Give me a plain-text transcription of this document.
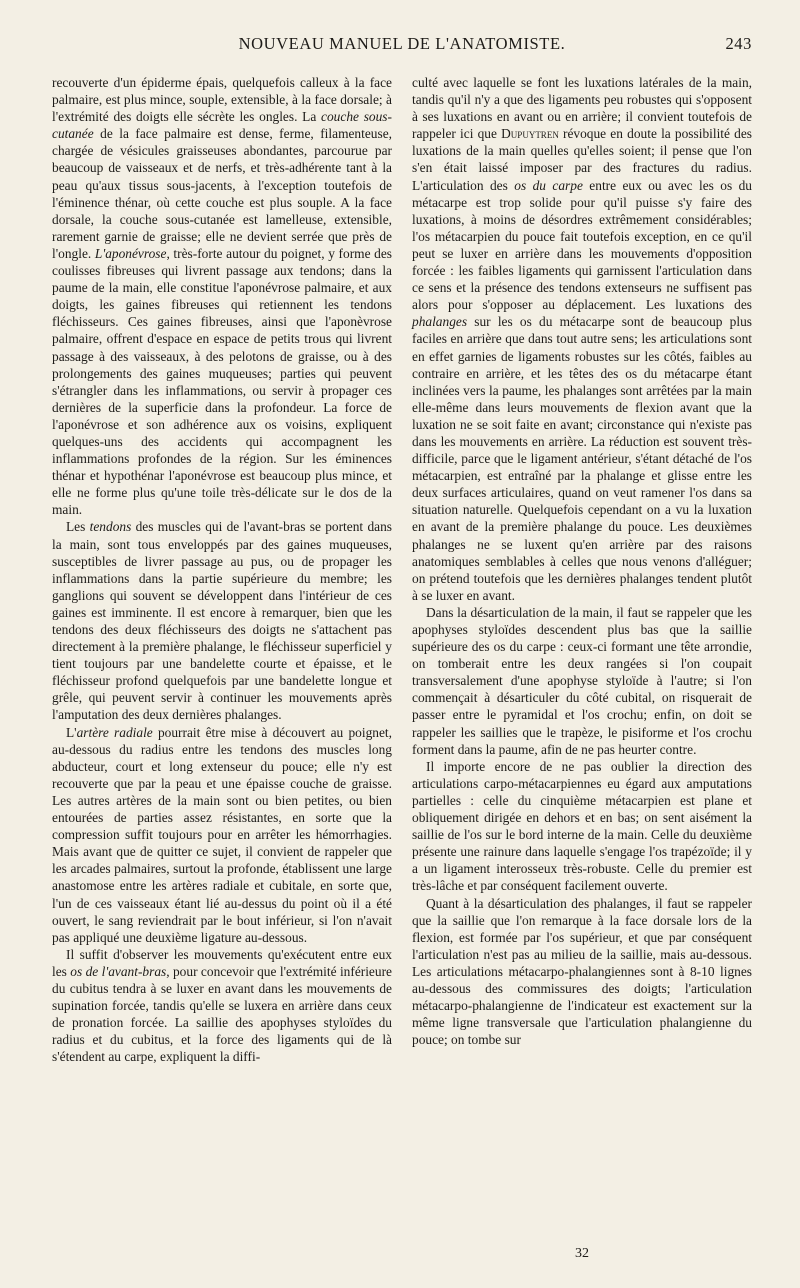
NOUVEAU MANUEL DE L'ANATOMISTE.	243

recouverte d'un épiderme épais, quelquefois calleux à la face palmaire, est plus mince, souple, extensible, à la face dorsale; à l'extrémité des doigts elle sécrète les ongles. La couche sous-cutanée de la face palmaire est dense, ferme, filamenteuse, chargée de vésicules graisseuses abondantes, parcourue par beaucoup de vaisseaux et de nerfs, et très-adhérente tant à la peau qu'aux tissus sous-jacents, à l'exception toutefois de l'éminence thénar, où cette couche est plus souple. A la face dorsale, la couche sous-cutanée est lamelleuse, extensible, rarement garnie de graisse; elle ne devient serrée que près de l'ongle. L'aponévrose, très-forte autour du poignet, y forme des coulisses fibreuses qui livrent passage aux tendons; dans la paume de la main, elle constitue l'aponévrose palmaire, et aux doigts, les gaines fibreuses qui retiennent les tendons fléchisseurs. Ces gaines fibreuses, ainsi que l'aponèvrose palmaire, offrent d'espace en espace de petits trous qui livrent passage à des vaisseaux, à des pelotons de graisse, ou à des prolongements des gaines muqueuses; parties qui peuvent s'étrangler dans les inflammations, ou servir à propager ces dernières de la superficie dans la profondeur. La force de l'aponévrose et son adhérence aux os voisins, expliquent quelques-uns des accidents qui accompagnent les inflammations profondes de la région. Sur les éminences thénar et hypothénar l'aponévrose est beaucoup plus mince, et elle ne forme plus qu'une toile très-délicate sur le dos de la main.

Les tendons des muscles qui de l'avant-bras se portent dans la main, sont tous enveloppés par des gaines muqueuses, susceptibles de livrer passage au pus, ou de propager les inflammations dans la partie supérieure du membre; les ganglions qui souvent se développent dans l'intérieur de ces gaines est imminente. Il est encore à remarquer, bien que les tendons des deux fléchisseurs des doigts ne s'attachent pas directement à la première phalange, le fléchisseur superficiel y tient toujours par une bandelette courte et épaisse, et le fléchisseur profond quelquefois par une bandelette longue et grêle, qui peuvent servir à continuer les mouvements après l'amputation des deux dernières phalanges.

L'artère radiale pourrait être mise à découvert au poignet, au-dessous du radius entre les tendons des muscles long abducteur, court et long extenseur du pouce; elle n'y est recouverte que par la peau et une épaisse couche de graisse. Les autres artères de la main sont ou bien petites, ou bien entourées de parties assez résistantes, en sorte que la compression suffit toujours pour en arrêter les hémorrhagies. Mais avant que de quitter ce sujet, il convient de rappeler que les arcades palmaires, surtout la profonde, établissent une large anastomose entre les artères radiale et cubitale, en sorte que, l'un de ces vaisseaux étant lié au-dessus du point où il a été ouvert, le sang reviendrait par le bout inférieur, si l'on n'avait pas appliqué une deuxième ligature au-dessous.

Il suffit d'observer les mouvements qu'exécutent entre eux les os de l'avant-bras, pour concevoir que l'extrémité inférieure du cubitus tendra à se luxer en avant dans les mouvements de supination forcée, tandis qu'elle se luxera en arrière dans ceux de pronation forcée. La saillie des apophyses styloïdes du radius et du cubitus, et la force des ligaments qui de là s'étendent au carpe, expliquent la diffi-

culté avec laquelle se font les luxations latérales de la main, tandis qu'il n'y a que des ligaments peu robustes qui s'opposent à ses luxations en avant ou en arrière; il convient toutefois de rappeler ici que Dupuytren révoque en doute la possibilité des luxations de la main quelles qu'elles soient; il pense que l'on s'en était laissé imposer par des fractures du radius. L'articulation des os du carpe entre eux ou avec les os du métacarpe est trop solide pour qu'il puisse s'y faire des luxations, à moins de désordres extrêmement considérables; l'os métacarpien du pouce fait toutefois exception, en ce qu'il peut se luxer en arrière dans les mouvements d'opposition forcée : les faibles ligaments qui garnissent l'articulation dans ce sens et la présence des tendons extenseurs ne suffisent pas alors pour s'opposer au déplacement. Les luxations des phalanges sur les os du métacarpe sont de beaucoup plus faciles en arrière que dans tout autre sens; les articulations sont en effet garnies de ligaments robustes sur les côtés, faibles au contraire en arrière, et les têtes des os du métacarpe étant inclinées vers la paume, les phalanges sont arrêtées par la main elle-même dans leurs mouvements de flexion avant que la luxation ne se soit faite en avant; circonstance qui n'existe pas dans les mouvements en arrière. La réduction est souvent très-difficile, parce que le ligament antérieur, s'étant détaché de l'os métacarpien, est entraîné par la phalange et glisse entre les deux surfaces articulaires, quand on veut ramener l'os dans sa situation naturelle. Quelquefois cependant on a vu la luxation en avant de la première phalange du pouce. Les deuxièmes phalanges ne se luxent qu'en arrière par des raisons anatomiques semblables à celles que nous venons d'alléguer; on prétend toutefois que les dernières phalanges tendent plutôt à se luxer en avant.

Dans la désarticulation de la main, il faut se rappeler que les apophyses styloïdes descendent plus bas que la saillie supérieure des os du carpe : ceux-ci formant une tête arrondie, on tomberait entre les deux rangées si l'on coupait transversalement d'une apophyse styloïde à l'autre; si l'on commençait à désarticuler du côté cubital, on risquerait de passer entre le pyramidal et l'os crochu; enfin, on doit se rappeler les saillies que le trapèze, le pisiforme et l'os crochu forment dans la paume, afin de ne pas heurter contre.

Il importe encore de ne pas oublier la direction des articulations carpo-métacarpiennes eu égard aux amputations partielles : celle du cinquième métacarpien est plane et obliquement dirigée en dehors et en bas; on sent aisément la saillie de l'os sur le bord interne de la main. Celle du deuxième présente une rainure dans laquelle s'engage l'os trapézoïde; il y a un ligament interosseux très-robuste. Celle du premier est très-lâche et par conséquent facilement ouverte.

Quant à la désarticulation des phalanges, il faut se rappeler que la saillie que l'on remarque à la face dorsale lors de la flexion, est formée par l'os supérieur, et que par conséquent l'articulation n'est pas au milieu de la saillie, mais au-dessous. Les articulations métacarpo-phalangiennes sont à 8-10 lignes au-dessous des commissures des doigts; l'articulation métacarpo-phalangienne de l'indicateur est exactement sur la même ligne transversale que l'articulation phalangienne du pouce; on tombe sur

32
